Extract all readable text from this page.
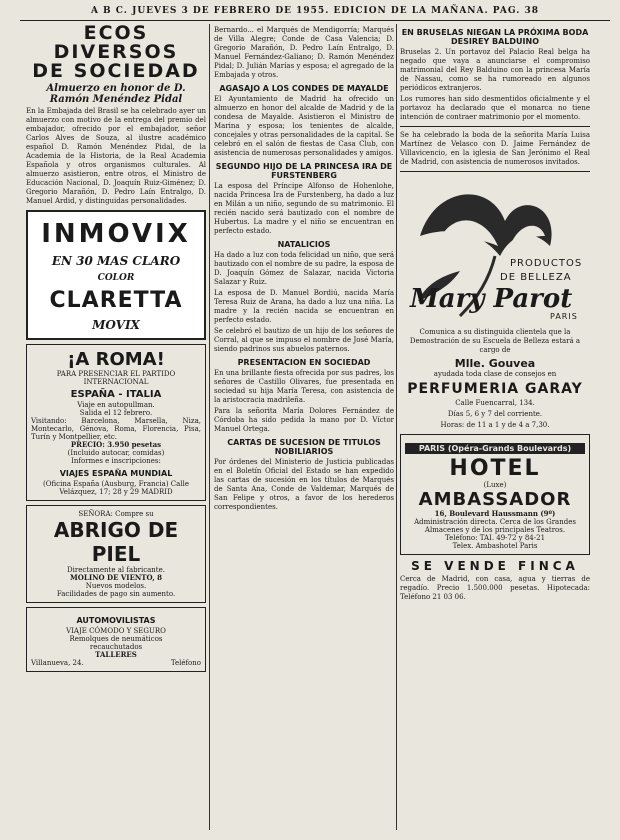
A B C. JUEVES 3 DE FEBRERO DE 1955. EDICION DE LA MAÑANA. PAG. 38
ECOS DIVERSOS
DE SOCIEDAD
Almuerzo en honor de D. Ramón Menéndez Pidal
En la Embajada del Brasil se ha celebrado ayer un almuerzo con motivo de la entrega del premio del embajador, ofrecido por el embajador, señor Carlos Alves de Souza, al ilustre académico español D. Ramón Menéndez Pidal, de la Academia de la Historia, de la Real Academia Española y otros organismos culturales. Al almuerzo asistieron, entre otros, el Ministro de Educación Nacional, D. Joaquín Ruiz-Giménez; D. Gregorio Marañón, D. Pedro Laín Entralgo, D. Manuel Ardid, y distinguidas personalidades.
INMOVIX
EN 30 MAS CLARO
COLOR
CLARETTA
MOVIX
¡A ROMA!
PARA PRESENCIAR EL PARTIDO INTERNACIONAL
ESPAÑA - ITALIA
Viaje en autopullman.
Salida el 12 febrero.
Visitando: Barcelona, Marsella, Niza, Montecarlo, Génova, Roma, Florencia, Pisa, Turín y Montpellier, etc.
PRECIO: 3.950 pesetas
(Incluido autocar, comidas)
Informes e inscripciones:
VIAJES ESPAÑA MUNDIAL
(Oficina España (Ausburg, Francia) Calle Velázquez, 17; 28 y 29 MADRID
SEÑORA: Compre su
ABRIGO DE PIEL
Directamente al fabricante.
MOLINO DE VIENTO, 8
Nuevos modelos.
Facilidades de pago sin aumento.
AUTOMOVILISTAS
VIAJE CÓMODO Y SEGURO
Remolques de neumáticos
recauchutados
TALLERES
Villanueva, 24.	Teléfono
Bernardo... el Marqués de Mendigorría; Marqués de Villa Alegre; Conde de Casa Valencia; D. Gregorio Marañón, D. Pedro Laín Entralgo, D. Manuel Fernández-Galiano; D. Ramón Menéndez Pidal; D. Julián Marías y esposa; el agregado de la Embajada y otros.
AGASAJO A LOS CONDES DE MAYALDE
El Ayuntamiento de Madrid ha ofrecido un almuerzo en honor del alcalde de Madrid y de la condesa de Mayalde. Asistieron el Ministro de Marina y esposa; los tenientes de alcalde, concejales y otras personalidades de la capital. Se celebró en el salón de fiestas de Casa Club, con asistencia de numerosas personalidades y amigos.
SEGUNDO HIJO DE LA PRINCESA IRA DE FURSTENBERG
La esposa del Príncipe Alfonso de Hohenlohe, nacida Princesa Ira de Furstenberg, ha dado a luz en Milán a un niño, segundo de su matrimonio. El recién nacido será bautizado con el nombre de Hubertus. La madre y el niño se encuentran en perfecto estado.
NATALICIOS
Ha dado a luz con toda felicidad un niño, que será bautizado con el nombre de su padre, la esposa de D. Joaquín Gómez de Salazar, nacida Victoria Salazar y Ruiz.
La esposa de D. Manuel Bordiú, nacida María Teresa Ruiz de Arana, ha dado a luz una niña. La madre y la recién nacida se encuentran en perfecto estado.
Se celebró el bautizo de un hijo de los señores de Corral, al que se impuso el nombre de José María, siendo padrinos sus abuelos paternos.
PRESENTACION EN SOCIEDAD
En una brillante fiesta ofrecida por sus padres, los señores de Castillo Olivares, fue presentada en sociedad su hija María Teresa, con asistencia de la aristocracia madrileña.
Para la señorita María Dolores Fernández de Córdoba ha sido pedida la mano por D. Víctor Manuel Ortega.
CARTAS DE SUCESION DE TITULOS NOBILIARIOS
Por órdenes del Ministerio de Justicia publicadas en el Boletín Oficial del Estado se han expedido las cartas de sucesión en los títulos de Marqués de Santa Ana, Conde de Valdemar, Marqués de San Felipe y otros, a favor de los herederos correspondientes.
EN BRUSELAS NIEGAN LA PRÓXIMA BODA DESIREY BALDUINO
Bruselas 2. Un portavoz del Palacio Real belga ha negado que vaya a anunciarse el compromiso matrimonial del Rey Balduino con la princesa María de Nassau, como se ha rumoreado en algunos periódicos extranjeros.
Los rumores han sido desmentidos oficialmente y el portavoz ha declarado que el monarca no tiene intención de contraer matrimonio por el momento.
Se ha celebrado la boda de la señorita María Luisa Martínez de Velasco con D. Jaime Fernández de Villavicencio, en la iglesia de San Jerónimo el Real de Madrid, con asistencia de numerosos invitados.
PRODUCTOS
DE BELLEZA
Mary Parot
PARIS
Comunica a su distinguida clientela que la Demostración de su Escuela de Belleza estará a cargo de
Mlle. Gouvea
ayudada toda clase de consejos en
PERFUMERIA GARAY
Calle Fuencarral, 134.
Días 5, 6 y 7 del corriente.
Horas: de 11 a 1 y de 4 a 7,30.
PARIS (Opéra-Grands Boulevards)
HOTEL
(Luxe)
AMBASSADOR
16, Boulevard Haussmann (9º)
Administración directa. Cerca de los Grandes Almacenes y de los principales Teatros.
Teléfono: TAI. 49-72 y 84-21
Telex. Ambashotel Paris
SE VENDE FINCA
Cerca de Madrid, con casa, agua y tierras de regadío. Precio 1.500.000 pesetas. Hipotecada: Teléfono 21 03 06.
